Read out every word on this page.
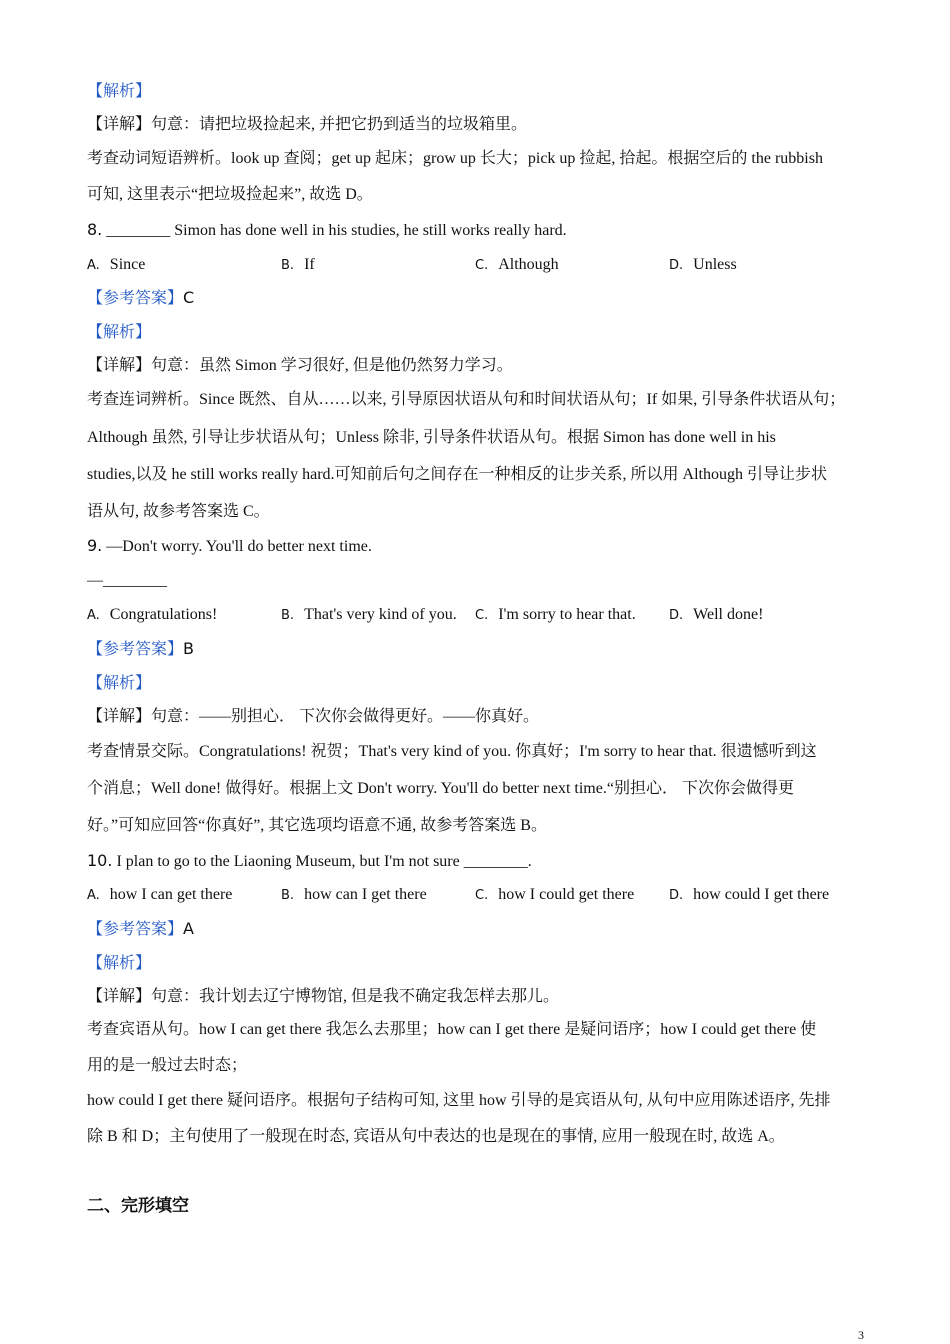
【解析】

【详解】句意：请把垃圾捡起来, 并把它扔到适当的垃圾箱里。

考查动词短语辨析。look up 查阅；get up 起床；grow up 长大；pick up 捡起, 拾起。根据空后的 the rubbish

可知, 这里表示“把垃圾捡起来”, 故选 D。

8. ________ Simon has done well in his studies, he still works really hard.

A. Since	B. If	C. Although	D. Unless

【参考答案】C

【解析】

【详解】句意：虽然 Simon 学习很好, 但是他仍然努力学习。

考查连词辨析。Since 既然、自从……以来, 引导原因状语从句和时间状语从句；If 如果, 引导条件状语从句；

Although 虽然, 引导让步状语从句；Unless 除非, 引导条件状语从句。根据 Simon has done well in his

studies,以及 he still works really hard.可知前后句之间存在一种相反的让步关系, 所以用 Although 引导让步状

语从句, 故参考答案选 C。

9. —Don't worry. You'll do better next time.

—________

A. Congratulations!	B. That's very kind of you.	C. I'm sorry to hear that.	D. Well done!

【参考答案】B

【解析】

【详解】句意：——别担心． 下次你会做得更好。——你真好。

考查情景交际。Congratulations! 祝贺；That's very kind of you. 你真好；I'm sorry to hear that. 很遗憾听到这

个消息；Well done! 做得好。根据上文 Don't worry. You'll do better next time.“别担心． 下次你会做得更

好。”可知应回答“你真好”, 其它选项均语意不通, 故参考答案选 B。

10. I plan to go to the Liaoning Museum, but I'm not sure ________.

A. how I can get there	B. how can I get there	C. how I could get there	D. how could I get there

【参考答案】A

【解析】

【详解】句意：我计划去辽宁博物馆, 但是我不确定我怎样去那儿。

考查宾语从句。how I can get there 我怎么去那里；how can I get there 是疑问语序；how I could get there 使

用的是一般过去时态；

how could I get there 疑问语序。根据句子结构可知, 这里 how 引导的是宾语从句, 从句中应用陈述语序, 先排

除 B 和 D；主句使用了一般现在时态, 宾语从句中表达的也是现在的事情, 应用一般现在时, 故选 A。

二、完形填空

3
